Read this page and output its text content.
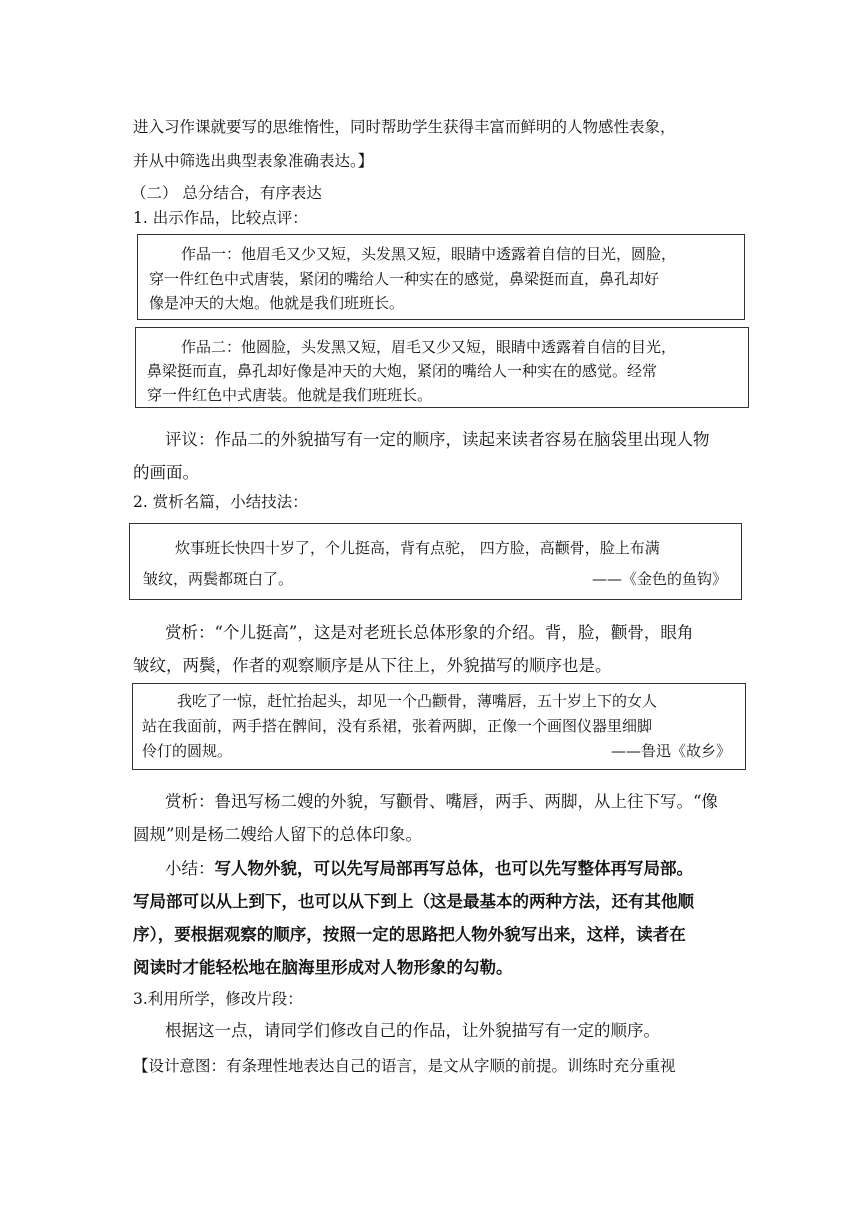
进入习作课就要写的思维惰性，同时帮助学生获得丰富而鲜明的人物感性表象，
并从中筛选出典型表象准确表达。】
（二） 总分结合，有序表达
1. 出示作品，比较点评：
作品一：他眉毛又少又短，头发黑又短，眼睛中透露着自信的目光，圆脸，
穿一件红色中式唐装，紧闭的嘴给人一种实在的感觉，鼻梁挺而直，鼻孔却好
像是冲天的大炮。他就是我们班班长。
作品二：他圆脸，头发黑又短，眉毛又少又短，眼睛中透露着自信的目光，
鼻梁挺而直，鼻孔却好像是冲天的大炮，紧闭的嘴给人一种实在的感觉。经常
穿一件红色中式唐装。他就是我们班班长。
评议：作品二的外貌描写有一定的顺序，读起来读者容易在脑袋里出现人物
的画面。
2. 赏析名篇，小结技法：
炊事班长快四十岁了，个儿挺高，背有点驼， 四方脸，高颧骨，脸上布满
皱纹，两鬓都斑白了。	——《金色的鱼钩》
赏析：“个儿挺高”，这是对老班长总体形象的介绍。背，脸，颧骨，眼角
皱纹，两鬓，作者的观察顺序是从下往上，外貌描写的顺序也是。
我吃了一惊，赶忙抬起头，却见一个凸颧骨，薄嘴唇，五十岁上下的女人
站在我面前，两手搭在髀间，没有系裙，张着两脚，正像一个画图仪器里细脚
伶仃的圆规。	——鲁迅《故乡》
赏析：鲁迅写杨二嫂的外貌，写颧骨、嘴唇，两手、两脚，从上往下写。“像
圆规”则是杨二嫂给人留下的总体印象。
小结：写人物外貌，可以先写局部再写总体，也可以先写整体再写局部。
写局部可以从上到下，也可以从下到上（这是最基本的两种方法，还有其他顺
序），要根据观察的顺序，按照一定的思路把人物外貌写出来，这样，读者在
阅读时才能轻松地在脑海里形成对人物形象的勾勒。
3.利用所学，修改片段：
根据这一点，请同学们修改自己的作品，让外貌描写有一定的顺序。
【设计意图：有条理性地表达自己的语言，是文从字顺的前提。训练时充分重视
